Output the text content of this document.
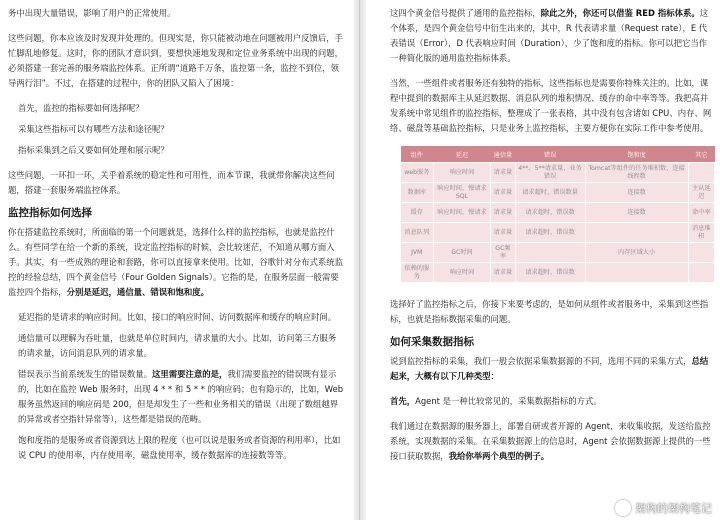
务中出现大量错误，影响了用户的正常使用。

这些问题，你本应该及时发现并处理的。但现实是，你只能被动地在问题被用户反馈后，手忙脚乱地修复。这时，你的团队才意识到，要想快速地发现和定位业务系统中出现的问题，必须搭建一套完善的服务端监控体系。正所谓“道路千万条，监控第一条，监控不到位，领导两行泪”。不过，在搭建的过程中，你的团队又陷入了困境：

首先，监控的指标要如何选择呢？

采集这些指标可以有哪些方法和途径呢？

指标采集到之后又要如何处理和展示呢？

这些问题，一环扣一环，关乎着系统的稳定性和可用性，而本节课，我就带你解决这些问题，搭建一套服务端监控体系。

监控指标如何选择

你在搭建监控系统时，所面临的第一个问题就是，选择什么样的监控指标，也就是监控什么。有些同学在给一个新的系统，设定监控指标的时候，会比较迷茫，不知道从哪方面入手。其实，有一些成熟的理论和套路，你可以直接拿来使用。比如，谷歌针对分布式系统监控的经验总结，四个黄金信号（Four Golden Signals）。它指的是，在服务层面一般需要监控四个指标，分别是延迟，通信量、错误和饱和度。

延迟指的是请求的响应时间。比如，接口的响应时间、访问数据库和缓存的响应时间。

通信量可以理解为吞吐量，也就是单位时间内，请求量的大小。比如，访问第三方服务的请求量，访问消息队列的请求量。

错误表示当前系统发生的错误数量。这里需要注意的是，我们需要监控的错误既有显示的，比如在监控 Web 服务时，出现 4 * * 和 5 * * 的响应码；也有隐示的，比如，Web 服务虽然返回的响应码是 200，但是却发生了一些和业务相关的错误（出现了数组越界的异常或者空指针异常等），这些都是错误的范畴。

饱和度指的是服务或者资源到达上限的程度（也可以说是服务或者资源的利用率），比如说 CPU 的使用率，内存使用率，磁盘使用率，缓存数据库的连接数等等。

这四个黄金信号提供了通用的监控指标，除此之外，你还可以借鉴 RED 指标体系。这个体系，是四个黄金信号中衍生出来的，其中，R 代表请求量（Request rate），E 代表错误（Error），D 代表响应时间（Duration），少了饱和度的指标。你可以把它当作一种简化版的通用监控指标体系。

当然，一些组件或者服务还有独特的指标，这些指标也是需要你特殊关注的。比如，课程中提到的数据库主从延迟数据、消息队列的堆积情况、缓存的命中率等等。我把高并发系统中常见组件的监控指标，整理成了一张表格，其中没有包含诸如 CPU、内存、网络、磁盘等基础监控指标，只是业务上监控指标，主要方便你在实际工作中参考使用。

组件	延迟	通信量	错误	饱和度	其它
web服务	响应时间	请求量	4**、5**请求量、业务错误	Tomcat等组件的任务堆积数、连接线程数	
数据库	响应时间、慢请求SQL	请求量	请求超时，错误数量	连接数	主从延迟
缓存	响应时间，慢请求	请求量	请求超时，错误数	连接数	命中率
消息队列		请求量	请求超时，错误数		消息堆积
JVM	GC时间	GC频率		内存区域大小	
依赖的服务	响应时间	请求量	请求超时，错误数		

选择好了监控指标之后，你接下来要考虑的，是如何从组件或者服务中，采集到这些指标，也就是指标数据采集的问题。

如何采集数据指标

说到监控指标的采集，我们一般会依据采集数据源的不同，选用不同的采集方式，总结起来，大概有以下几种类型：

首先，Agent 是一种比较常见的，采集数据指标的方式。

我们通过在数据源的服务器上，部署自研或者开源的 Agent，来收集收据，发送给监控系统，实现数据的采集。在采集数据源上的信息时，Agent 会依据数据源上提供的一些接口获取数据，我给你举两个典型的例子。

架构的架构笔记
